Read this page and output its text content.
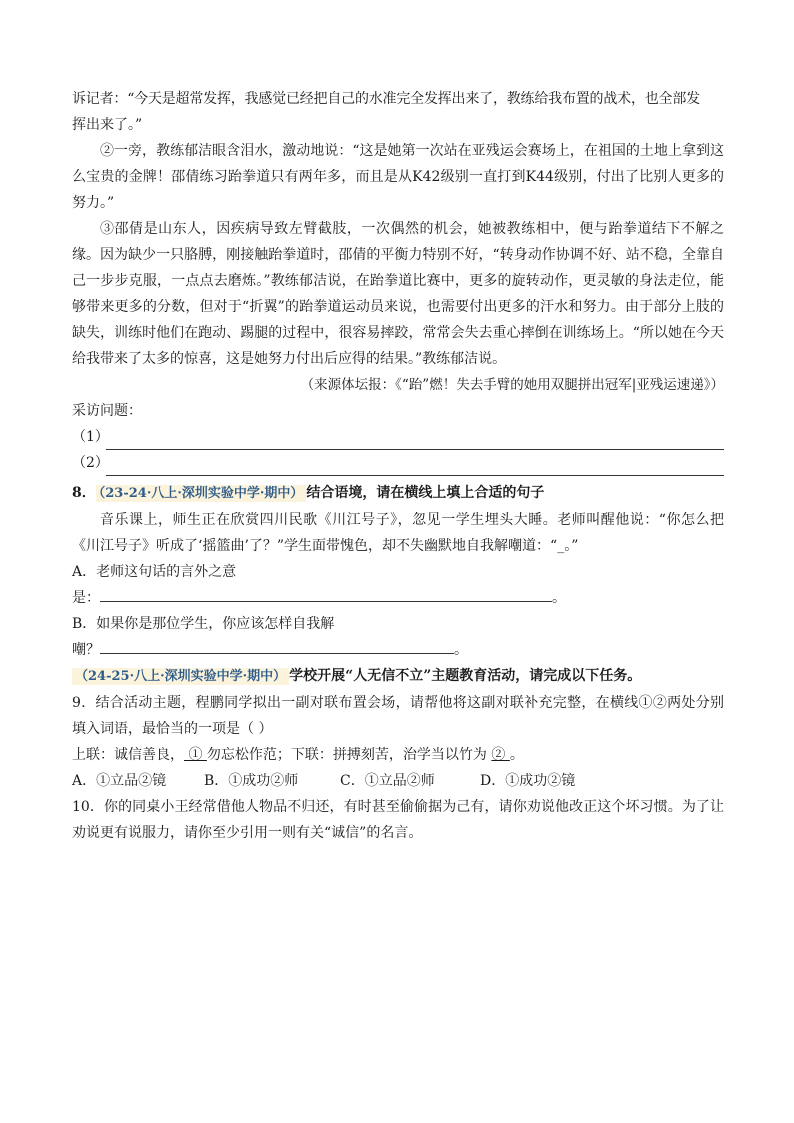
诉记者：“今天是超常发挥，我感觉已经把自己的水准完全发挥出来了，教练给我布置的战术，也全部发

挥出来了。”

②一旁，教练郁洁眼含泪水，激动地说：“这是她第一次站在亚残运会赛场上，在祖国的土地上拿到这么宝贵的金牌！邵倩练习跆拳道只有两年多，而且是从K42级别一直打到K44级别，付出了比别人更多的努力。”

③邵倩是山东人，因疾病导致左臂截肢，一次偶然的机会，她被教练相中，便与跆拳道结下不解之缘。因为缺少一只胳膊，刚接触跆拳道时，邵倩的平衡力特别不好，“转身动作协调不好、站不稳，全靠自己一步步克服，一点点去磨炼。”教练郁洁说，在跆拳道比赛中，更多的旋转动作，更灵敏的身法走位，能够带来更多的分数，但对于“折翼”的跆拳道运动员来说，也需要付出更多的汗水和努力。由于部分上肢的缺失，训练时他们在跑动、踢腿的过程中，很容易摔跤，常常会失去重心摔倒在训练场上。“所以她在今天给我带来了太多的惊喜，这是她努力付出后应得的结果。”教练郁洁说。

（来源体坛报：《“跆”燃！失去手臂的她用双腿拼出冠军|亚残运速递》）

采访问题：

（1）
（2）

8． （23-24·八上·深圳实验中学·期中） 结合语境，请在横线上填上合适的句子

音乐课上，师生正在欣赏四川民歌《川江号子》，忽见一学生埋头大睡。老师叫醒他说：“你怎么把《川江号子》听成了‘摇篮曲’了？”学生面带愧色，却不失幽默地自我解嘲道：“_。”

A．老师这句话的言外之意

是：	。

B．如果你是那位学生，你应该怎样自我解

嘲？	。

（24-25·八上·深圳实验中学·期中） 学校开展“人无信不立”主题教育活动，请完成以下任务。

9．结合活动主题，程鹏同学拟出一副对联布置会场，请帮他将这副对联补充完整，在横线①②两处分别填入词语，最恰当的一项是（ ）

上联：诚信善良， ① 勿忘松作范；下联：拼搏刻苦，治学当以竹为 ② 。

A．①立品②镜	B．①成功②师	C．①立品②师	D．①成功②镜

10．你的同桌小王经常借他人物品不归还，有时甚至偷偷据为己有，请你劝说他改正这个坏习惯。为了让劝说更有说服力，请你至少引用一则有关“诚信”的名言。
